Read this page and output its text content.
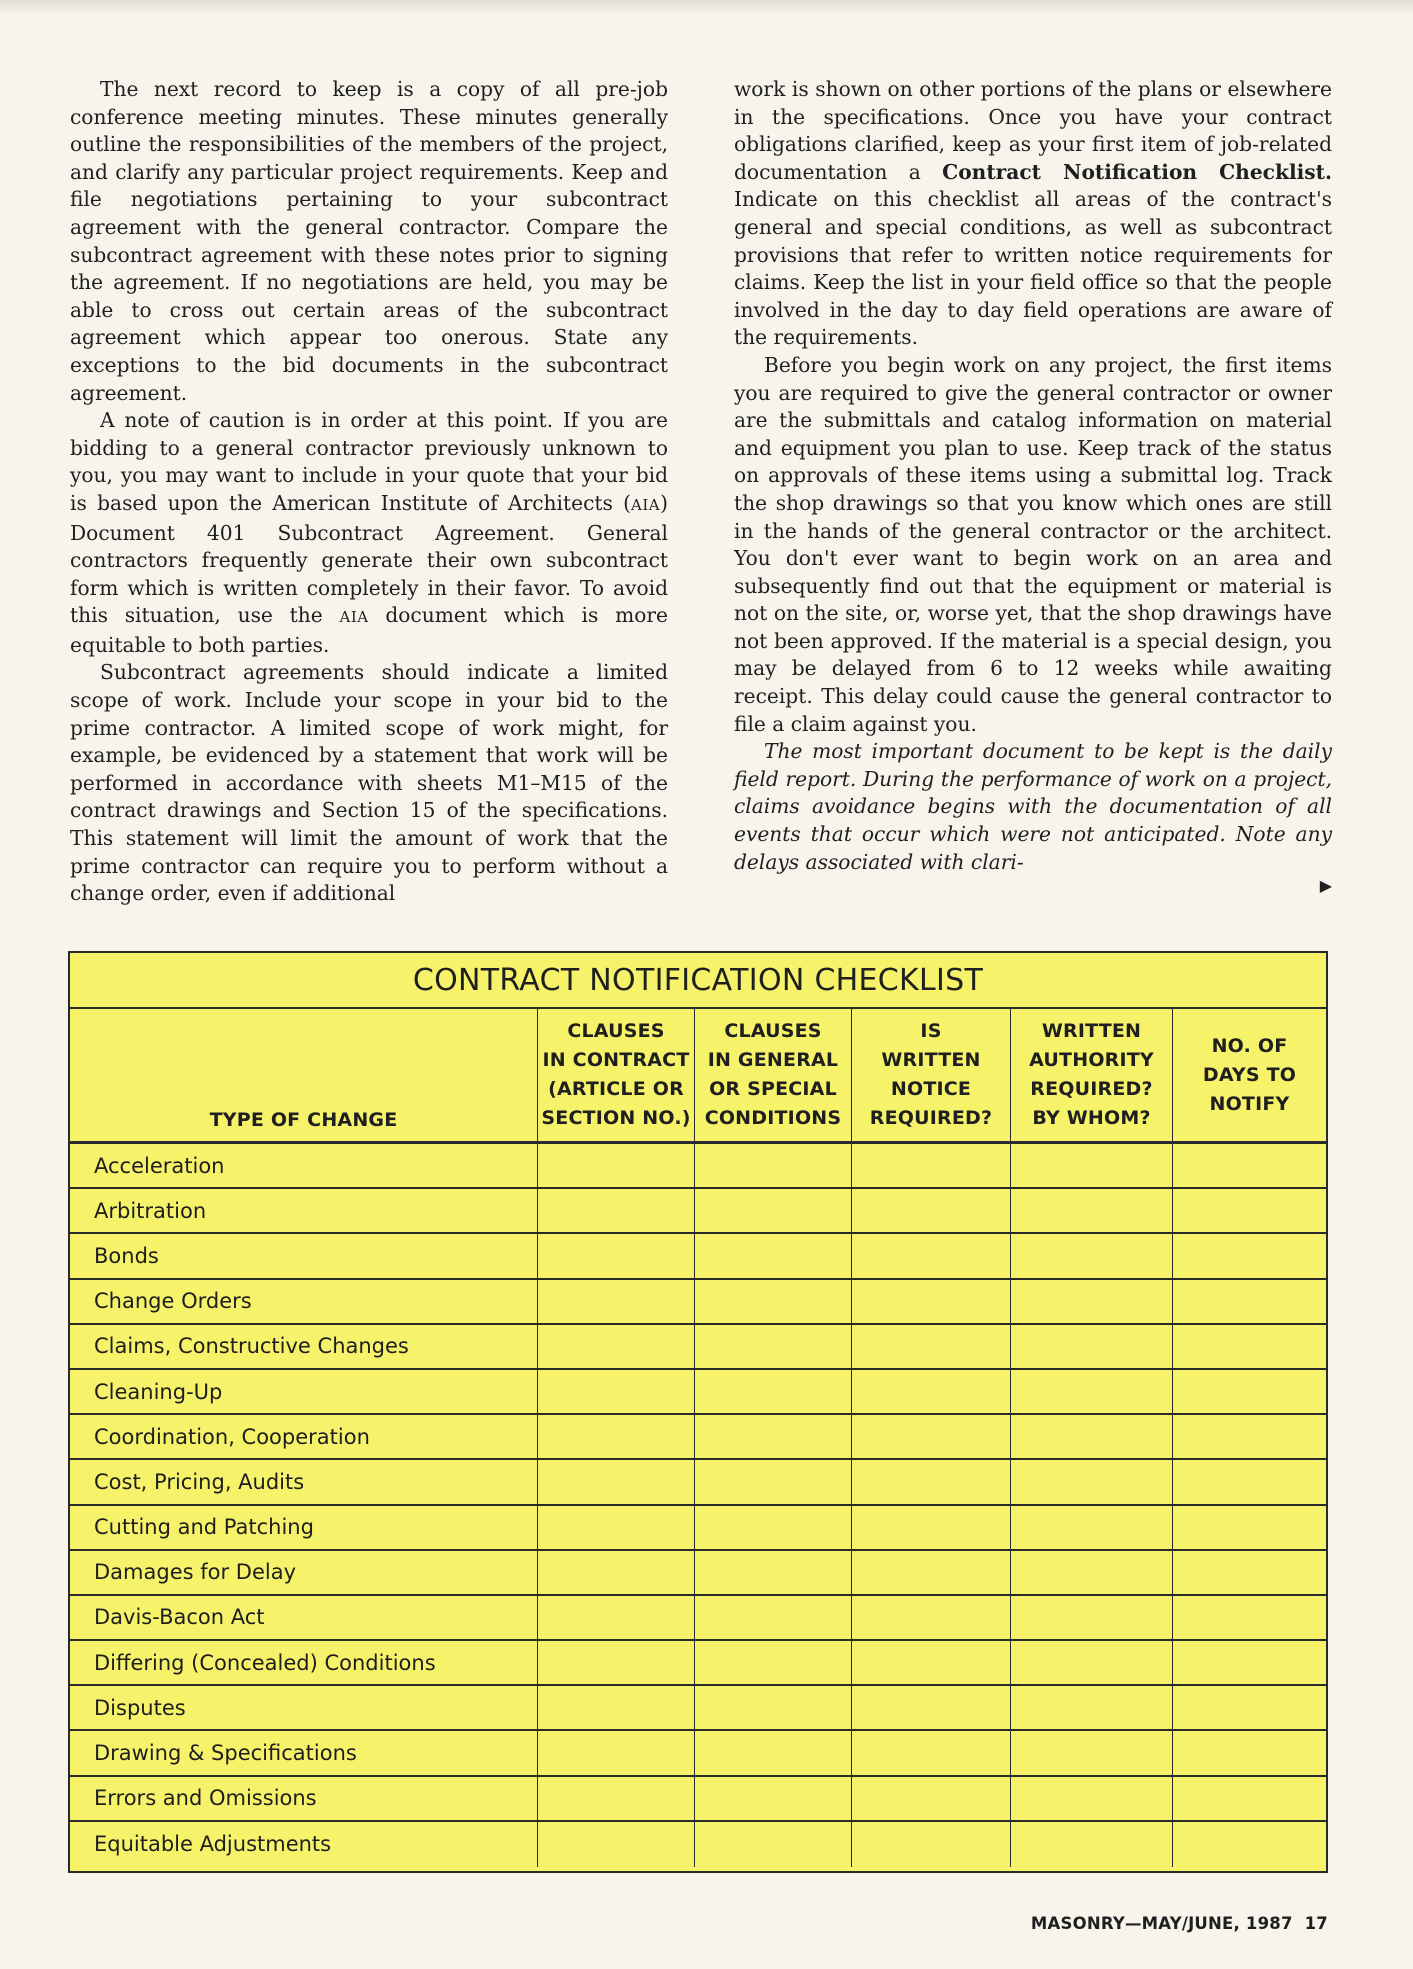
The next record to keep is a copy of all pre-job conference meeting minutes. These minutes generally outline the responsibilities of the members of the project, and clarify any particular project requirements. Keep and file negotiations pertaining to your subcontract agreement with the general contractor. Compare the subcontract agreement with these notes prior to signing the agreement. If no negotiations are held, you may be able to cross out certain areas of the subcontract agreement which appear too onerous. State any exceptions to the bid documents in the subcontract agreement.

A note of caution is in order at this point. If you are bidding to a general contractor previously unknown to you, you may want to include in your quote that your bid is based upon the American Institute of Architects (AIA) Document 401 Subcontract Agreement. General contractors frequently generate their own subcontract form which is written completely in their favor. To avoid this situation, use the AIA document which is more equitable to both parties.

Subcontract agreements should indicate a limited scope of work. Include your scope in your bid to the prime contractor. A limited scope of work might, for example, be evidenced by a statement that work will be performed in accordance with sheets M1–M15 of the contract drawings and Section 15 of the specifications. This statement will limit the amount of work that the prime contractor can require you to perform without a change order, even if additional

work is shown on other portions of the plans or elsewhere in the specifications. Once you have your contract obligations clarified, keep as your first item of job-related documentation a Contract Notification Checklist. Indicate on this checklist all areas of the contract's general and special conditions, as well as subcontract provisions that refer to written notice requirements for claims. Keep the list in your field office so that the people involved in the day to day field operations are aware of the requirements.

Before you begin work on any project, the first items you are required to give the general contractor or owner are the submittals and catalog information on material and equipment you plan to use. Keep track of the status on approvals of these items using a submittal log. Track the shop drawings so that you know which ones are still in the hands of the general contractor or the architect. You don't ever want to begin work on an area and subsequently find out that the equipment or material is not on the site, or, worse yet, that the shop drawings have not been approved. If the material is a special design, you may be delayed from 6 to 12 weeks while awaiting receipt. This delay could cause the general contractor to file a claim against you.

The most important document to be kept is the daily field report. During the performance of work on a project, claims avoidance begins with the documentation of all events that occur which were not anticipated. Note any delays associated with clari-

▶
CONTRACT NOTIFICATION CHECKLIST
TYPE OF CHANGE
CLAUSES
IN CONTRACT
(ARTICLE OR
SECTION NO.)
CLAUSES
IN GENERAL
OR SPECIAL
CONDITIONS
IS
WRITTEN
NOTICE
REQUIRED?
WRITTEN
AUTHORITY
REQUIRED?
BY WHOM?
NO. OF
DAYS TO
NOTIFY
Acceleration
Arbitration
Bonds
Change Orders
Claims, Constructive Changes
Cleaning-Up
Coordination, Cooperation
Cost, Pricing, Audits
Cutting and Patching
Damages for Delay
Davis-Bacon Act
Differing (Concealed) Conditions
Disputes
Drawing & Specifications
Errors and Omissions
Equitable Adjustments
MASONRY—MAY/JUNE, 1987 17
